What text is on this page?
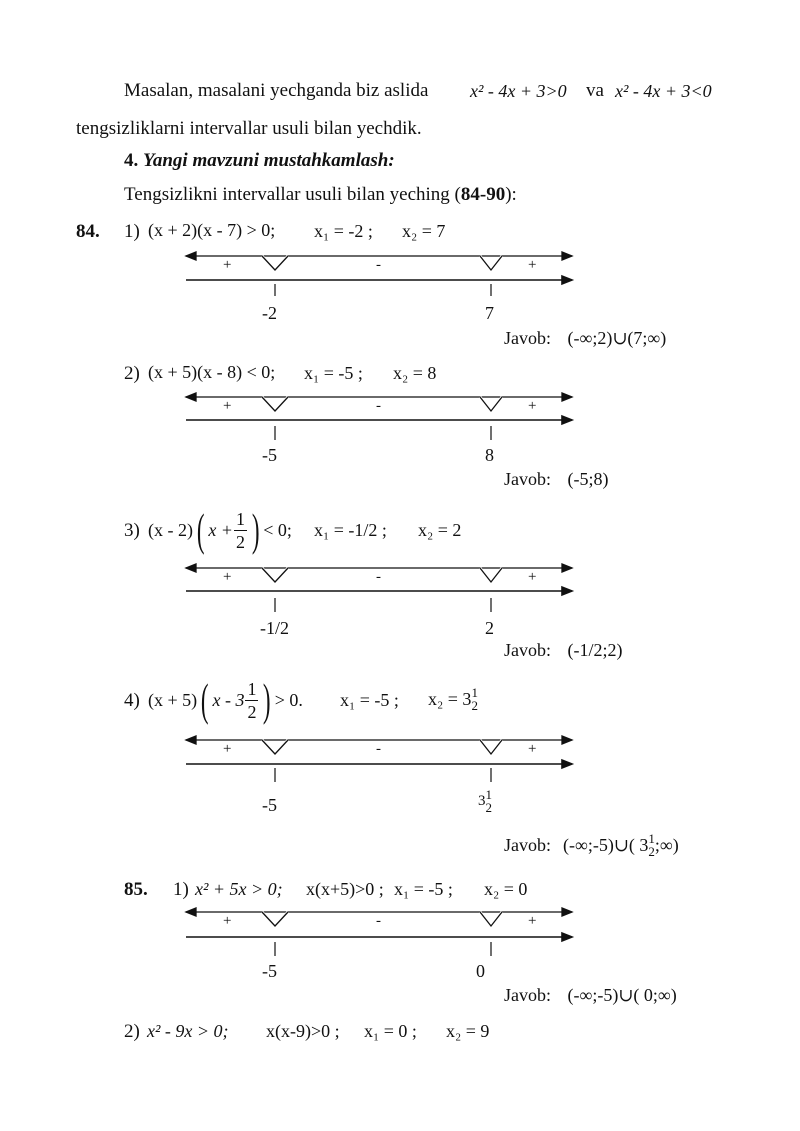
Masalan, masalani yechganda biz aslida x² - 4x + 3>0 va x² - 4x + 3<0
tengsizliklarni intervallar usuli bilan yechdik.
4. Yangi mavzuni mustahkamlash:
Tengsizlikni intervallar usuli bilan yeching (84-90):
84. 1) (x + 2)(x - 7) > 0; x₁ = -2 ; x₂ = 7
+	-	+
-2	7
Javob: (-∞;2)∪(7;∞)
2) (x + 5)(x - 8) < 0; x₁ = -5 ; x₂ = 8
+	-	+
-5	8
Javob: (-5;8)
3) (x - 2) ( $x + \frac{1}{2}$ ) < 0; x₁ = -1/2 ; x₂ = 2
+	-	+
-1/2	2
Javob: (-1/2;2)
4) (x + 5) ( x - $3 \frac{1}{2}$ ) > 0. x₁ = -5 ; x₂ = 3 1
2
+	-	+
-5	3 1
2
Javob: (-∞;-5)∪( 3 1
2 ;∞)
85. 1) x² + 5x > 0; x(x+5)>0 ; x₁ = -5 ; x₂ = 0
+	-	+
-5	0
Javob: (-∞;-5)∪( 0;∞)
2) x² - 9x > 0; x(x-9)>0 ; x₁ = 0 ; x₂ = 9
